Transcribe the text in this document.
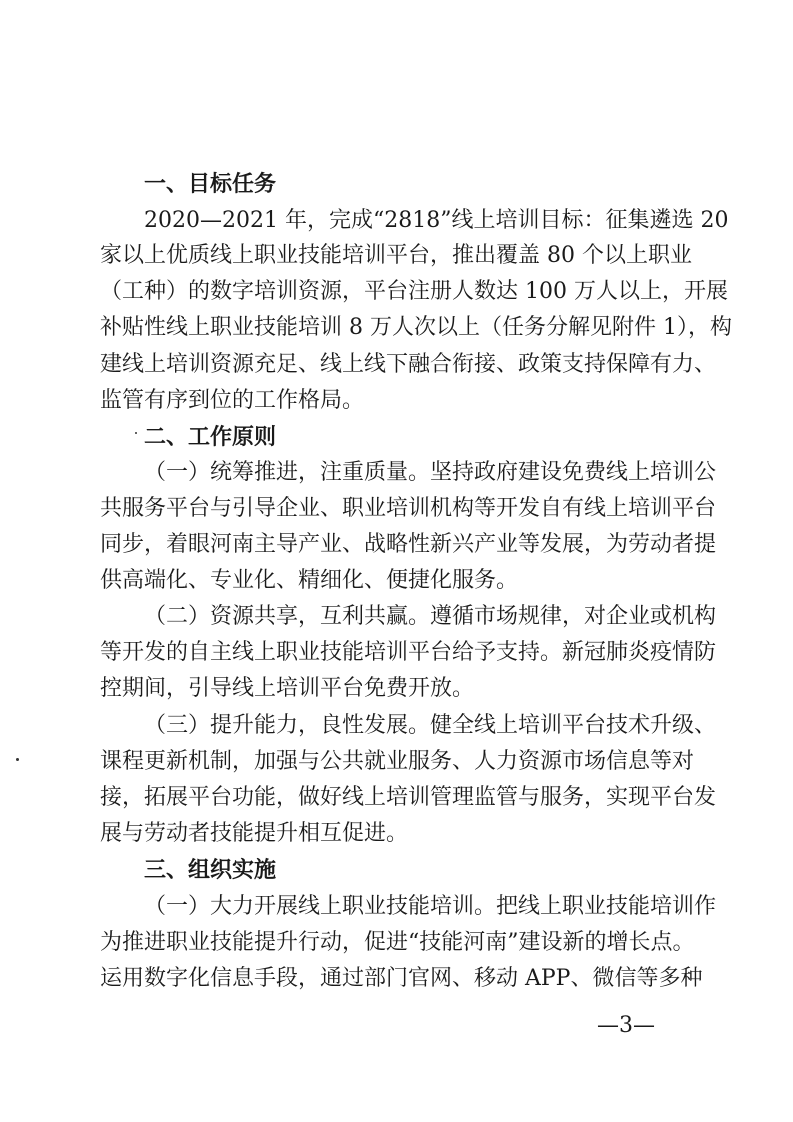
一、目标任务
2020—2021 年，完成“2818”线上培训目标：征集遴选 20
家以上优质线上职业技能培训平台，推出覆盖 80 个以上职业
（工种）的数字培训资源，平台注册人数达 100 万人以上，开展
补贴性线上职业技能培训 8 万人次以上（任务分解见附件 1），构
建线上培训资源充足、线上线下融合衔接、政策支持保障有力、
监管有序到位的工作格局。
二、工作原则
（一）统筹推进，注重质量。坚持政府建设免费线上培训公
共服务平台与引导企业、职业培训机构等开发自有线上培训平台
同步，着眼河南主导产业、战略性新兴产业等发展，为劳动者提
供高端化、专业化、精细化、便捷化服务。
（二）资源共享，互利共赢。遵循市场规律，对企业或机构
等开发的自主线上职业技能培训平台给予支持。新冠肺炎疫情防
控期间，引导线上培训平台免费开放。
（三）提升能力，良性发展。健全线上培训平台技术升级、
课程更新机制，加强与公共就业服务、人力资源市场信息等对
接，拓展平台功能，做好线上培训管理监管与服务，实现平台发
展与劳动者技能提升相互促进。
三、组织实施
（一）大力开展线上职业技能培训。把线上职业技能培训作
为推进职业技能提升行动，促进“技能河南”建设新的增长点。
运用数字化信息手段，通过部门官网、移动 APP、微信等多种
—3—
